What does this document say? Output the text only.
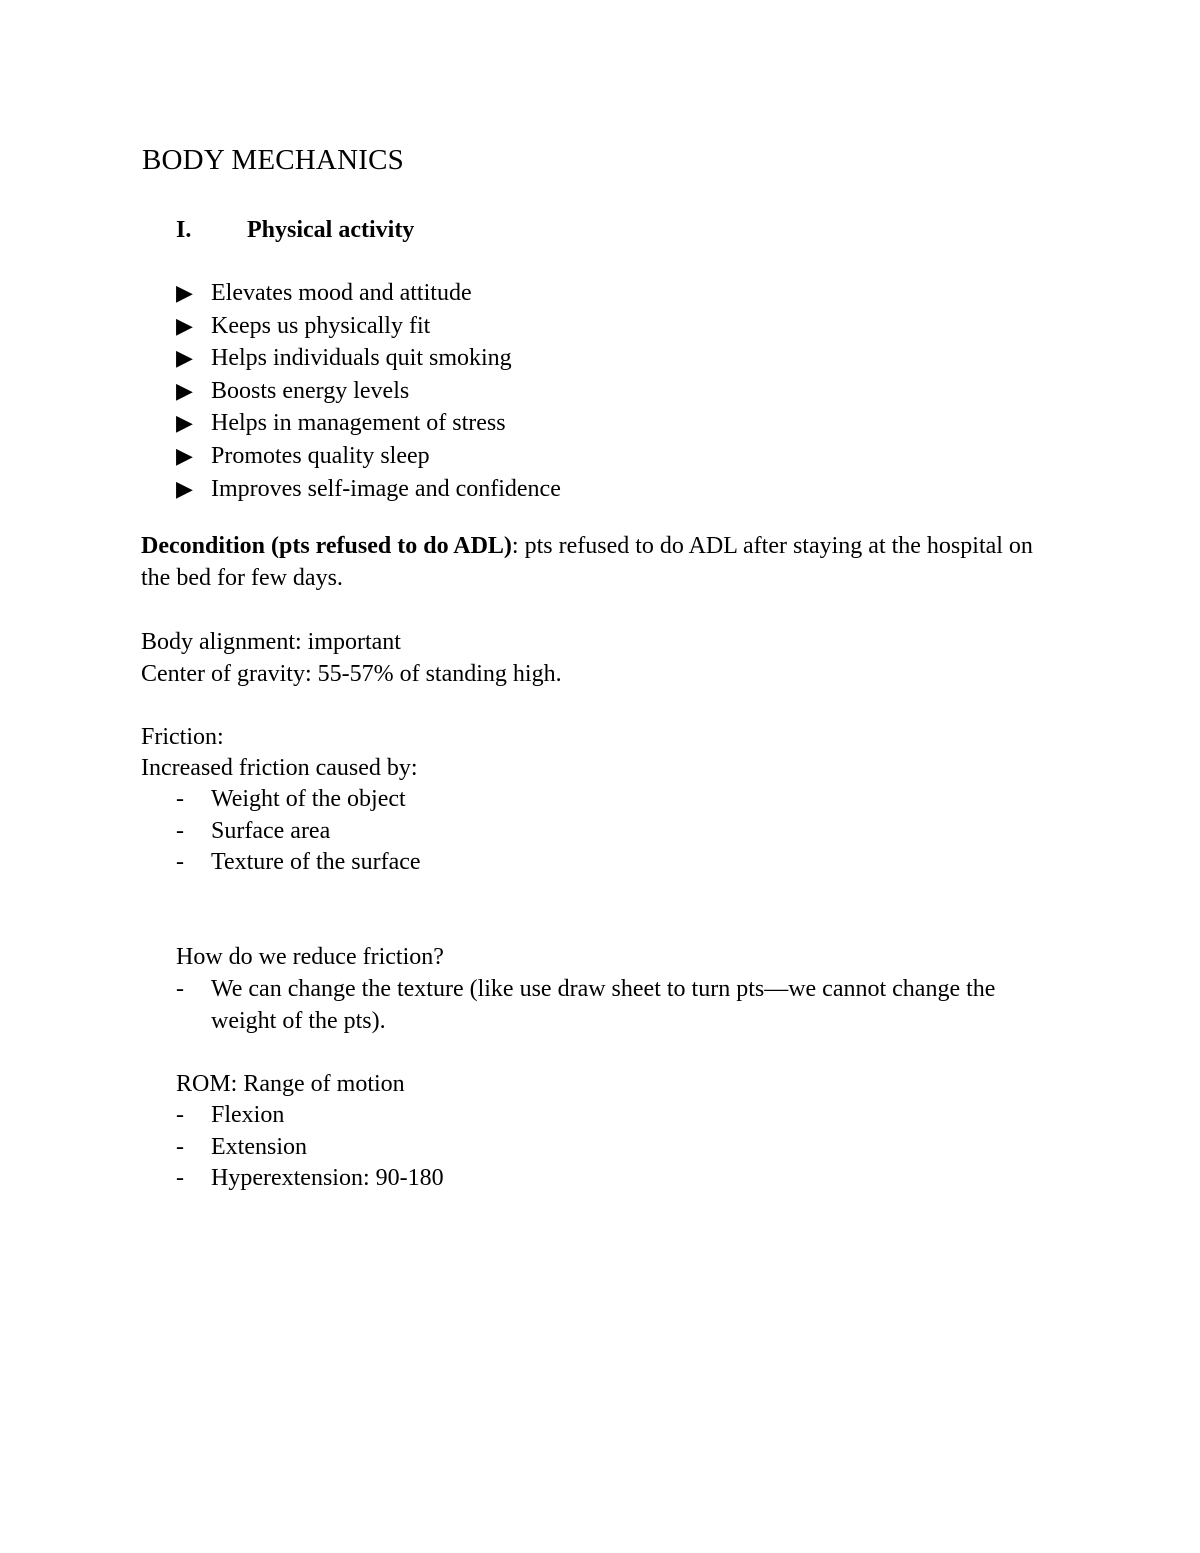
BODY MECHANICS
I. Physical activity
▶ Elevates mood and attitude
▶ Keeps us physically fit
▶ Helps individuals quit smoking
▶ Boosts energy levels
▶ Helps in management of stress
▶ Promotes quality sleep
▶ Improves self-image and confidence

Decondition (pts refused to do ADL): pts refused to do ADL after staying at the hospital on the bed for few days.

Body alignment: important

Center of gravity: 55-57% of standing high.

Friction:

Increased friction caused by:

-	Weight of the object
-	Surface area
-	Texture of the surface

How do we reduce friction?

-	We can change the texture (like use draw sheet to turn pts—we cannot change the weight of the pts).

ROM: Range of motion

-	Flexion
-	Extension
-	Hyperextension: 90-180
